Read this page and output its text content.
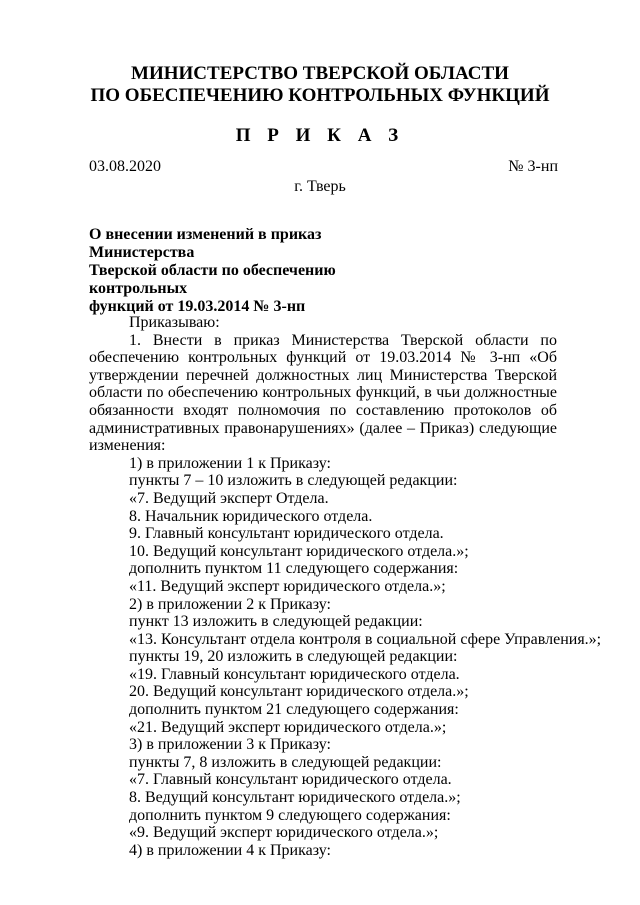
МИНИСТЕРСТВО ТВЕРСКОЙ ОБЛАСТИ
ПО ОБЕСПЕЧЕНИЮ КОНТРОЛЬНЫХ ФУНКЦИЙ
П Р И К А З
03.08.2020	№ 3-нп
г. Тверь
О внесении изменений в приказ Министерства
Тверской области по обеспечению контрольных
функций от 19.03.2014 № 3-нп

Приказываю:

1. Внести в приказ Министерства Тверской области по обеспечению контрольных функций от 19.03.2014 № 3-нп «Об утверждении перечней должностных лиц Министерства Тверской области по обеспечению контрольных функций, в чьи должностные обязанности входят полномочия по составлению протоколов об административных правонарушениях» (далее – Приказ) следующие изменения:

1) в приложении 1 к Приказу:

пункты 7 – 10 изложить в следующей редакции:

«7. Ведущий эксперт Отдела.

8. Начальник юридического отдела.

9. Главный консультант юридического отдела.

10. Ведущий консультант юридического отдела.»;

дополнить пунктом 11 следующего содержания:

«11. Ведущий эксперт юридического отдела.»;

2) в приложении 2 к Приказу:

пункт 13 изложить в следующей редакции:

«13. Консультант отдела контроля в социальной сфере Управления.»;

пункты 19, 20 изложить в следующей редакции:

«19. Главный консультант юридического отдела.

20. Ведущий консультант юридического отдела.»;

дополнить пунктом 21 следующего содержания:

«21. Ведущий эксперт юридического отдела.»;

3) в приложении 3 к Приказу:

пункты 7, 8 изложить в следующей редакции:

«7. Главный консультант юридического отдела.

8. Ведущий консультант юридического отдела.»;

дополнить пунктом 9 следующего содержания:

«9. Ведущий эксперт юридического отдела.»;

4) в приложении 4 к Приказу:
